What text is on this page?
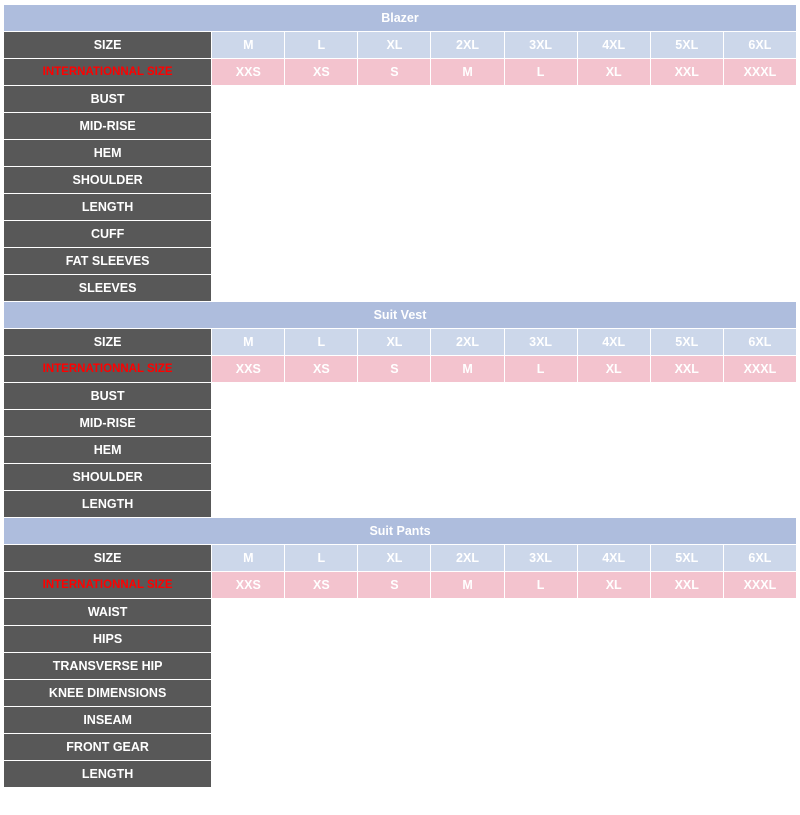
Blazer								
SIZE	M	L	XL	2XL	3XL	4XL	5XL	6XL
INTERNATIONNAL SIZE	XXS	XS	S	M	L	XL	XXL	XXXL
BUST	96	99.1	104.1	109.2	114.3	119.4	124.5	129.5
MID-RISE	82	88.9	94	99.1	104.1	109.2	114.3	119.4
HEM	98	102.8	107.9	113	118.1	123.2	128.3	133.4
SHOULDER	42.8	43.9	45.2	46.5	47.8	49	50.3	51.6
LENGTH	68.9	69.9	70.9	71.9	72.9	73.9	74.9	75.9
CUFF	25.4	26.2	27	27.8	28.6	29.4	30.2	31
FAT SLEEVES	36	37.4	39	40.6	42.2	43.8	45.4	47
SLEEVES	61	62.2	63.5	64.8	66	67.3	68.6	69.9
Suit Vest								
SIZE	M	L	XL	2XL	3XL	4XL	5XL	6XL
INTERNATIONNAL SIZE	XXS	XS	S	M	L	XL	XXL	XXXL
BUST	94	97.8	102.9	108	113.1	118.2	123.3	128.4
MID-RISE	88	93.8	98.9	104	109.1	114.2	119.3	124.4
HEM	90	95.8	100.9	106	111.1	116.2	121.3	126.4
SHOULDER	35.1	36.4	37.7	39	40.3	41.6	42.9	44.2
LENGTH	56.5	57.5	58.5	59.5	60.5	61.5	62.5	63.5
Suit Pants								
SIZE	M	L	XL	2XL	3XL	4XL	5XL	6XL
INTERNATIONNAL SIZE	XXS	XS	S	M	L	XL	XXL	XXXL
WAIST	75	78.7	83.8	88.9	94	99.1	104.1	109.2
HIPS	94	99.5	104.2	108.9	113.6	118.3	123	127.7
TRANSVERSE HIP	63	64	66.4	68.8	71.2	73.6	76	78.4
KNEE DIMENSIONS	44	45	45.9	46.8	47.7	48.6	49.5	50.4
INSEAM	37	37.4	37.9	39.4	38.9	39.4	39.9	40.4
FRONT GEAR	27.6	28.1	28.6	29.1	29.6	30.1	30.6	31.1
LENGTH	101	102.9	104.9	106.9	109	111	113	115.1
*This data was obtained from manually measuring the product, it may be off by 1-2 CM								
